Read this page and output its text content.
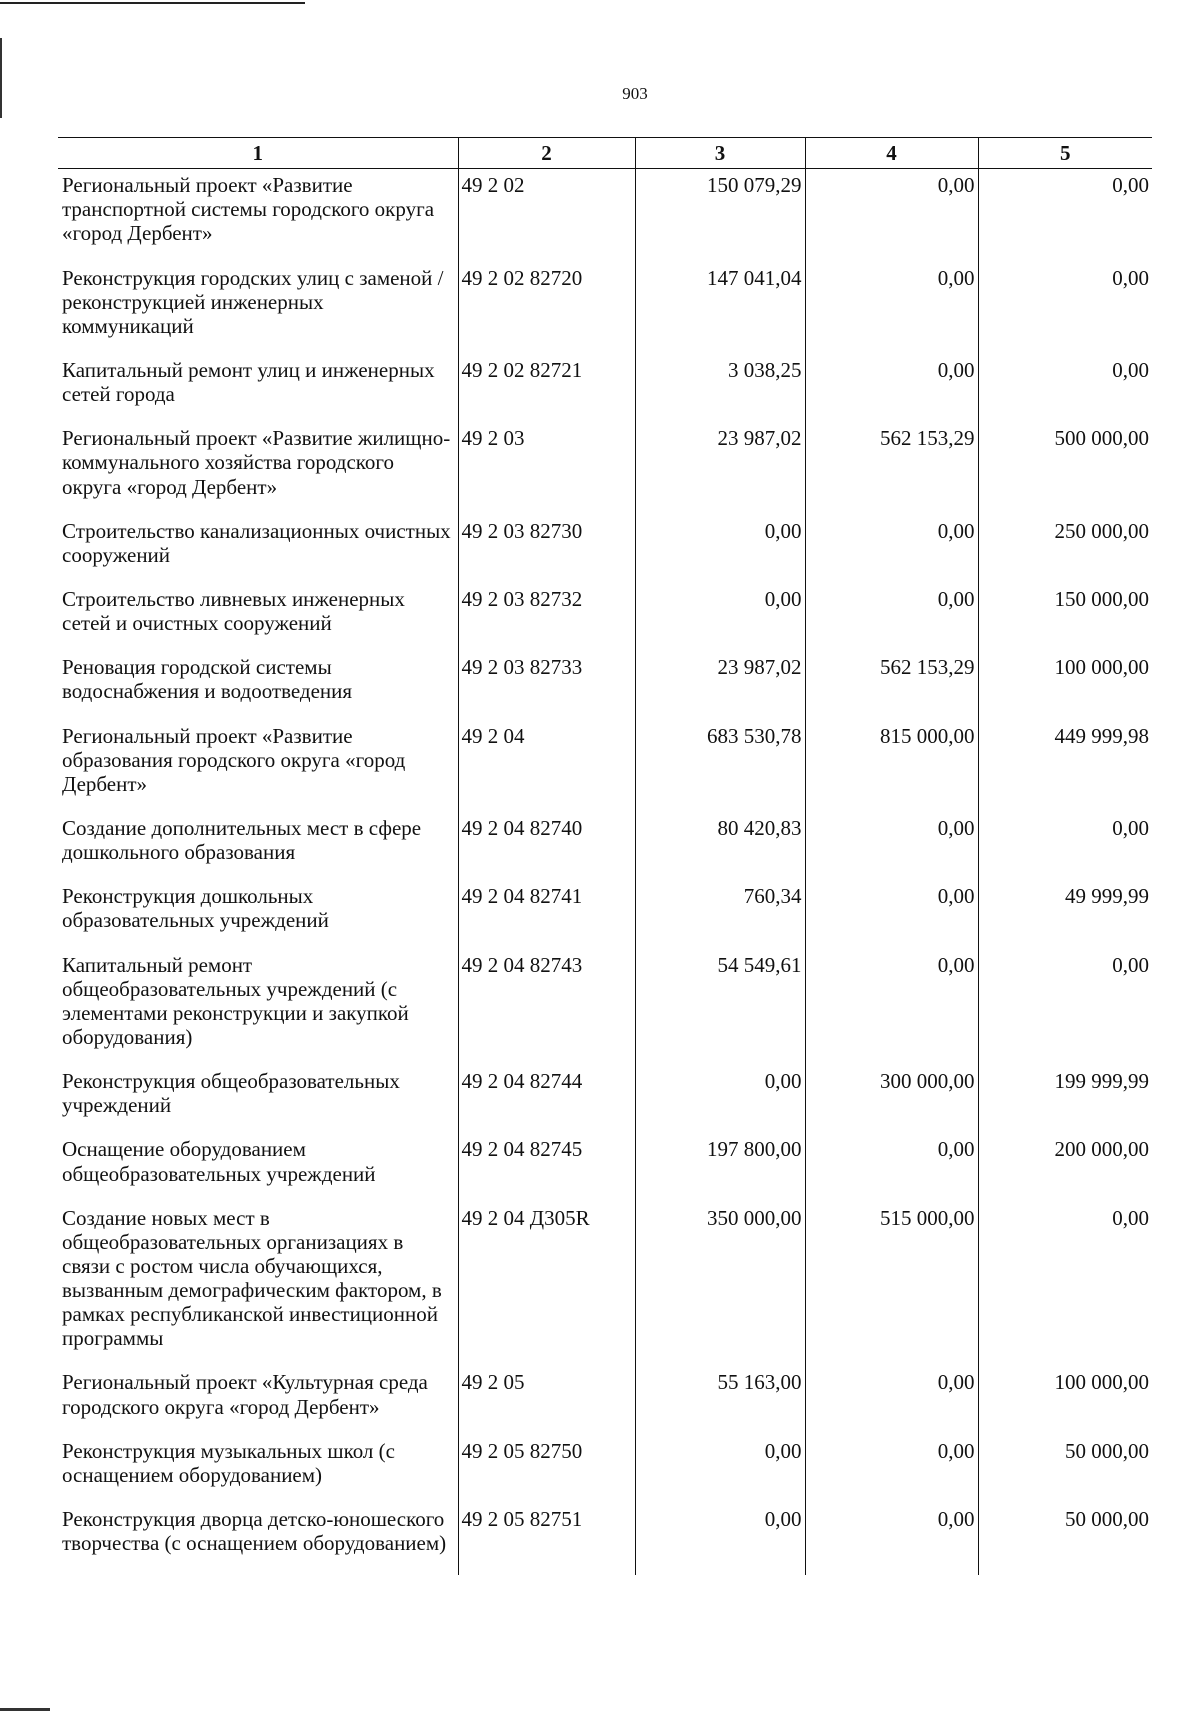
903
1	2	3	4	5
Региональный проект «Развитие транспортной системы городского округа «город Дербент»	49 2 02	150 079,29	0,00	0,00
Реконструкция городских улиц с заменой / реконструкцией инженерных коммуникаций	49 2 02 82720	147 041,04	0,00	0,00
Капитальный ремонт улиц и инженерных сетей города	49 2 02 82721	3 038,25	0,00	0,00
Региональный проект «Развитие жилищно-коммунального хозяйства городского округа «город Дербент»	49 2 03	23 987,02	562 153,29	500 000,00
Строительство канализационных очистных сооружений	49 2 03 82730	0,00	0,00	250 000,00
Строительство ливневых инженерных сетей и очистных сооружений	49 2 03 82732	0,00	0,00	150 000,00
Реновация городской системы водоснабжения и водоотведения	49 2 03 82733	23 987,02	562 153,29	100 000,00
Региональный проект «Развитие образования городского округа «город Дербент»	49 2 04	683 530,78	815 000,00	449 999,98
Создание дополнительных мест в сфере дошкольного образования	49 2 04 82740	80 420,83	0,00	0,00
Реконструкция дошкольных образовательных учреждений	49 2 04 82741	760,34	0,00	49 999,99
Капитальный ремонт общеобразовательных учреждений (с элементами реконструкции и закупкой оборудования)	49 2 04 82743	54 549,61	0,00	0,00
Реконструкция общеобразовательных учреждений	49 2 04 82744	0,00	300 000,00	199 999,99
Оснащение оборудованием общеобразовательных учреждений	49 2 04 82745	197 800,00	0,00	200 000,00
Создание новых мест в общеобразовательных организациях в связи с ростом числа обучающихся, вызванным демографическим фактором, в рамках республиканской инвестиционной программы	49 2 04 Д305R	350 000,00	515 000,00	0,00
Региональный проект «Культурная среда городского округа «город Дербент»	49 2 05	55 163,00	0,00	100 000,00
Реконструкция музыкальных школ (с оснащением оборудованием)	49 2 05 82750	0,00	0,00	50 000,00
Реконструкция дворца детско-юношеского творчества (с оснащением оборудованием)	49 2 05 82751	0,00	0,00	50 000,00
